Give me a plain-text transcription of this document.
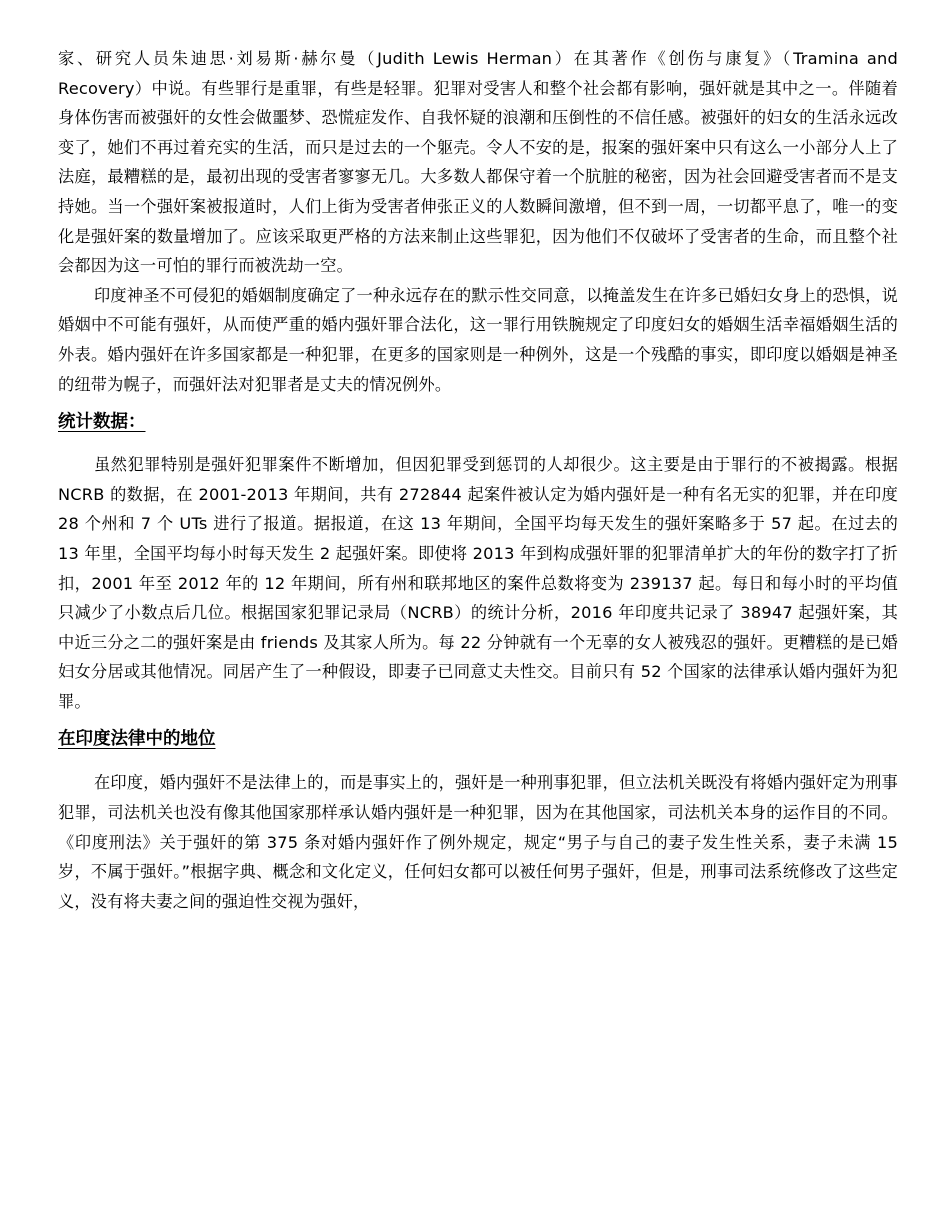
家、研究人员朱迪思·刘易斯·赫尔曼（Judith Lewis Herman）在其著作《创伤与康复》（Tramina and Recovery）中说。有些罪行是重罪，有些是轻罪。犯罪对受害人和整个社会都有影响，强奸就是其中之一。伴随着身体伤害而被强奸的女性会做噩梦、恐慌症发作、自我怀疑的浪潮和压倒性的不信任感。被强奸的妇女的生活永远改变了，她们不再过着充实的生活，而只是过去的一个躯壳。令人不安的是，报案的强奸案中只有这么一小部分人上了法庭，最糟糕的是，最初出现的受害者寥寥无几。大多数人都保守着一个肮脏的秘密，因为社会回避受害者而不是支持她。当一个强奸案被报道时，人们上街为受害者伸张正义的人数瞬间激增，但不到一周，一切都平息了，唯一的变化是强奸案的数量增加了。应该采取更严格的方法来制止这些罪犯，因为他们不仅破坏了受害者的生命，而且整个社会都因为这一可怕的罪行而被洗劫一空。

印度神圣不可侵犯的婚姻制度确定了一种永远存在的默示性交同意，以掩盖发生在许多已婚妇女身上的恐惧，说婚姻中不可能有强奸，从而使严重的婚内强奸罪合法化，这一罪行用铁腕规定了印度妇女的婚姻生活幸福婚姻生活的外表。婚内强奸在许多国家都是一种犯罪，在更多的国家则是一种例外，这是一个残酷的事实，即印度以婚姻是神圣的纽带为幌子，而强奸法对犯罪者是丈夫的情况例外。

统计数据：

虽然犯罪特别是强奸犯罪案件不断增加，但因犯罪受到惩罚的人却很少。这主要是由于罪行的不被揭露。根据 NCRB 的数据，在 2001-2013 年期间，共有 272844 起案件被认定为婚内强奸是一种有名无实的犯罪，并在印度 28 个州和 7 个 UTs 进行了报道。据报道，在这 13 年期间，全国平均每天发生的强奸案略多于 57 起。在过去的 13 年里，全国平均每小时每天发生 2 起强奸案。即使将 2013 年到构成强奸罪的犯罪清单扩大的年份的数字打了折扣，2001 年至 2012 年的 12 年期间，所有州和联邦地区的案件总数将变为 239137 起。每日和每小时的平均值只减少了小数点后几位。根据国家犯罪记录局（NCRB）的统计分析，2016 年印度共记录了 38947 起强奸案，其中近三分之二的强奸案是由 friends 及其家人所为。每 22 分钟就有一个无辜的女人被残忍的强奸。更糟糕的是已婚妇女分居或其他情况。同居产生了一种假设，即妻子已同意丈夫性交。目前只有 52 个国家的法律承认婚内强奸为犯罪。

在印度法律中的地位

在印度，婚内强奸不是法律上的，而是事实上的，强奸是一种刑事犯罪，但立法机关既没有将婚内强奸定为刑事犯罪，司法机关也没有像其他国家那样承认婚内强奸是一种犯罪，因为在其他国家，司法机关本身的运作目的不同。《印度刑法》关于强奸的第 375 条对婚内强奸作了例外规定，规定“男子与自己的妻子发生性关系，妻子未满 15 岁，不属于强奸。”根据字典、概念和文化定义，任何妇女都可以被任何男子强奸，但是，刑事司法系统修改了这些定义，没有将夫妻之间的强迫性交视为强奸，
